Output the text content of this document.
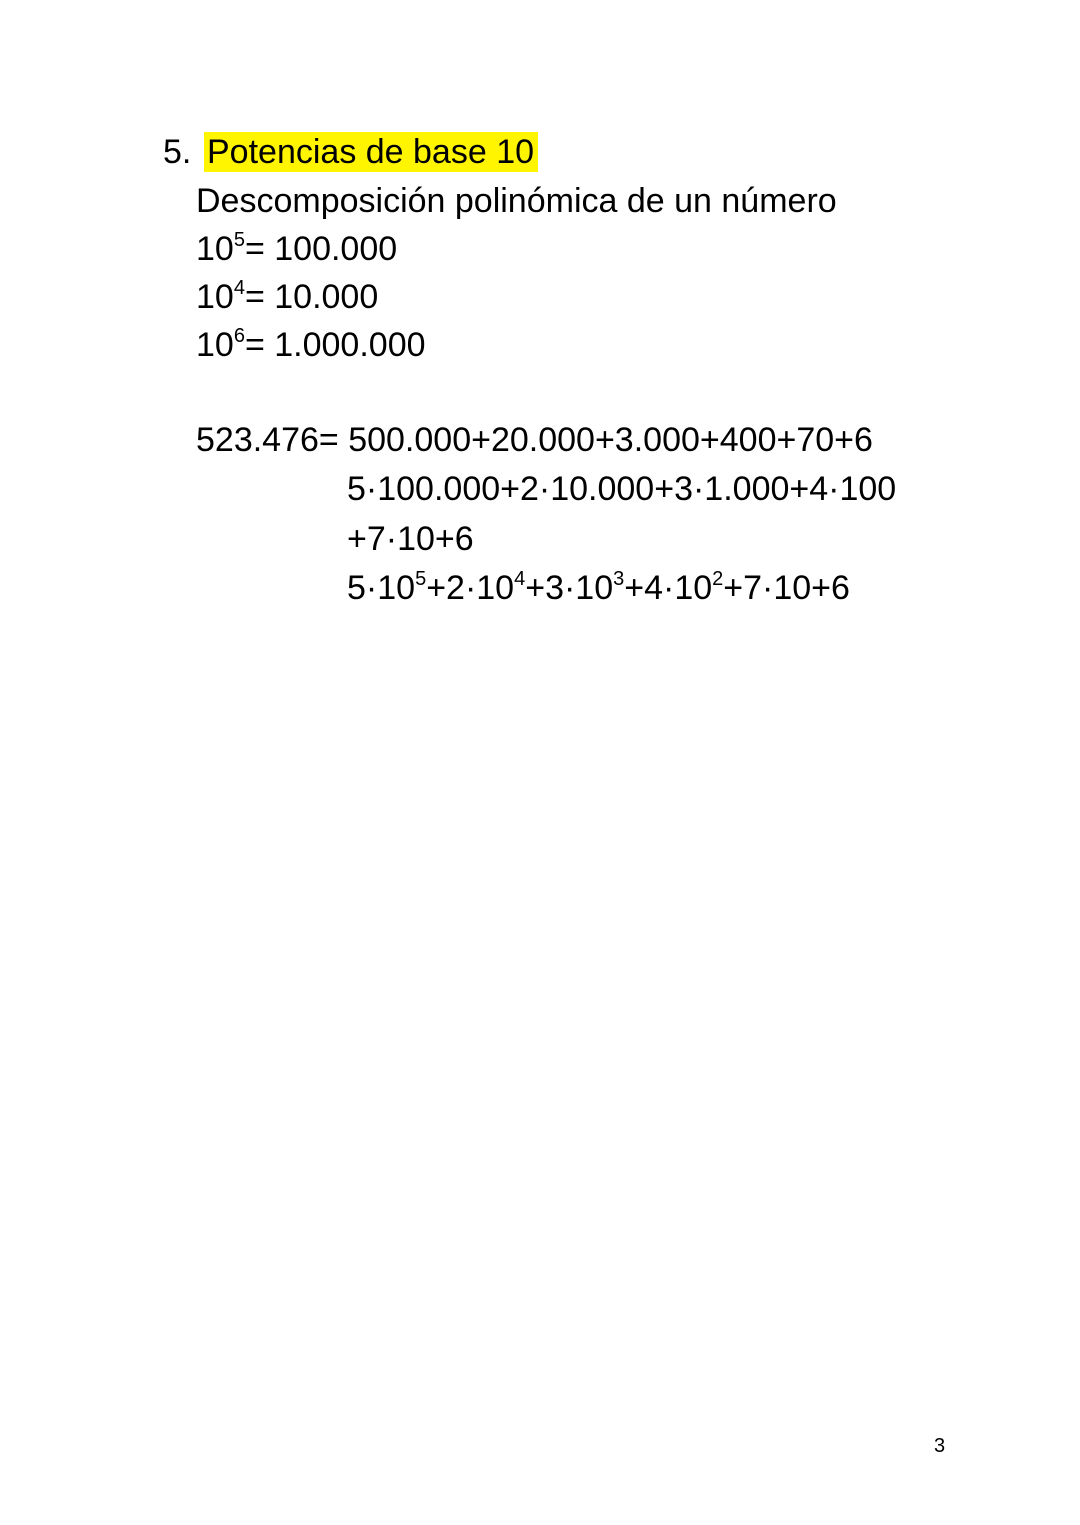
5. Potencias de base 10
Descomposición polinómica de un número
$10^5= 100.000$
$10^4= 10.000$
$10^6= 1.000.000$
523.476= 500.000+20.000+3.000+400+70+6
5·100.000+2·10.000+3·1.000+4·100
+7·10+6
$5\cdot 10^5+2\cdot 10^4+3\cdot 10^3+4\cdot 10^2+7\cdot 10+6$
3
